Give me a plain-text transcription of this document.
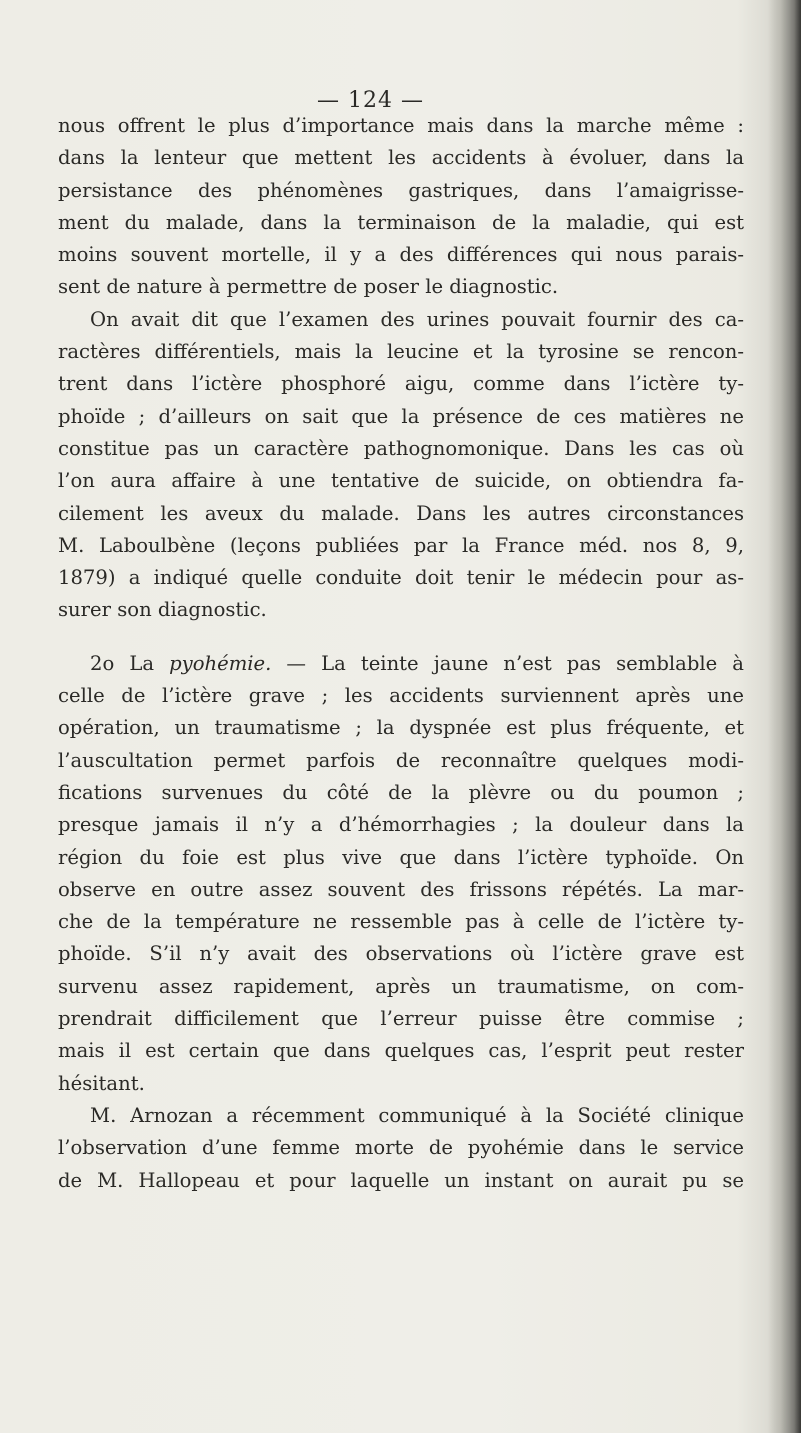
— 124 —
nous offrent le plus d’importance mais dans la marche même :
dans la lenteur que mettent les accidents à évoluer, dans la
persistance des phénomènes gastriques, dans l’amaigrisse-
ment du malade, dans la terminaison de la maladie, qui est
moins souvent mortelle, il y a des différences qui nous parais-
sent de nature à permettre de poser le diagnostic.
On avait dit que l’examen des urines pouvait fournir des ca-
ractères différentiels, mais la leucine et la tyrosine se rencon-
trent dans l’ictère phosphoré aigu, comme dans l’ictère ty-
phoïde ; d’ailleurs on sait que la présence de ces matières ne
constitue pas un caractère pathognomonique. Dans les cas où
l’on aura affaire à une tentative de suicide, on obtiendra fa-
cilement les aveux du malade. Dans les autres circonstances
M. Laboulbène (leçons publiées par la France méd. nos 8, 9,
1879) a indiqué quelle conduite doit tenir le médecin pour as-
surer son diagnostic.
2o La pyohémie. — La teinte jaune n’est pas semblable à
celle de l’ictère grave ; les accidents surviennent après une
opération, un traumatisme ; la dyspnée est plus fréquente, et
l’auscultation permet parfois de reconnaître quelques modi-
fications survenues du côté de la plèvre ou du poumon ;
presque jamais il n’y a d’hémorrhagies ; la douleur dans la
région du foie est plus vive que dans l’ictère typhoïde. On
observe en outre assez souvent des frissons répétés. La mar-
che de la température ne ressemble pas à celle de l’ictère ty-
phoïde. S’il n’y avait des observations où l’ictère grave est
survenu assez rapidement, après un traumatisme, on com-
prendrait difficilement que l’erreur puisse être commise ;
mais il est certain que dans quelques cas, l’esprit peut rester
hésitant.
M. Arnozan a récemment communiqué à la Société clinique
l’observation d’une femme morte de pyohémie dans le service
de M. Hallopeau et pour laquelle un instant on aurait pu se
